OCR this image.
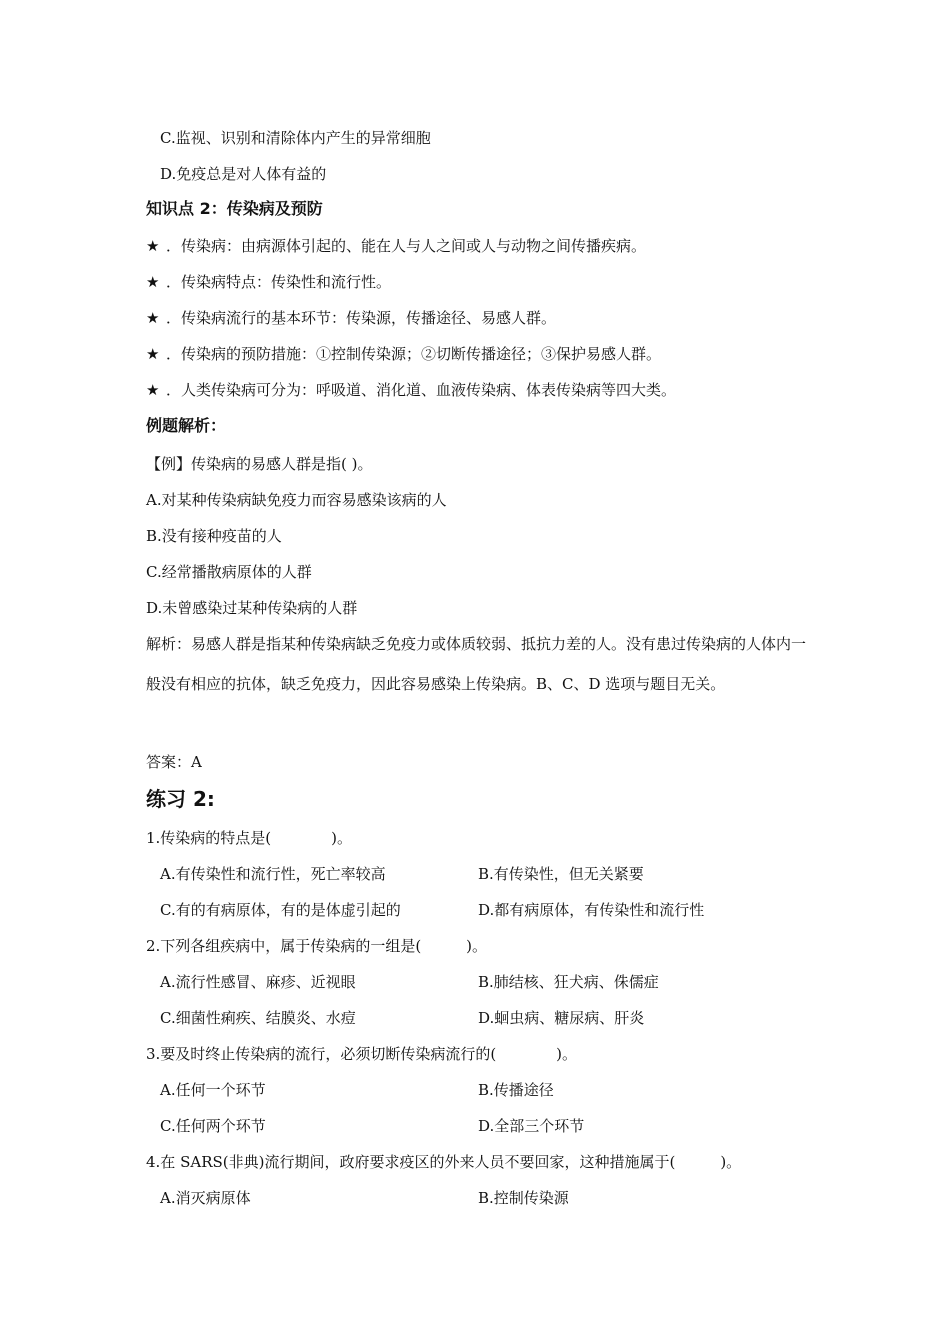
C.监视、识别和清除体内产生的异常细胞
D.免疫总是对人体有益的
知识点 2：传染病及预防
★ ．传染病：由病源体引起的、能在人与人之间或人与动物之间传播疾病。
★ ．传染病特点：传染性和流行性。
★ ．传染病流行的基本环节：传染源，传播途径、易感人群。
★ ．传染病的预防措施：①控制传染源；②切断传播途径；③保护易感人群。
★ ．人类传染病可分为：呼吸道、消化道、血液传染病、体表传染病等四大类。
例题解析：
【例】传染病的易感人群是指( )。
A.对某种传染病缺免疫力而容易感染该病的人
B.没有接种疫苗的人
C.经常播散病原体的人群
D.未曾感染过某种传染病的人群
解析：易感人群是指某种传染病缺乏免疫力或体质较弱、抵抗力差的人。没有患过传染病的人体内一般没有相应的抗体，缺乏免疫力，因此容易感染上传染病。B、C、D 选项与题目无关。
答案：A
练习 2:
1.传染病的特点是(　　　　)。
A.有传染性和流行性，死亡率较高	B.有传染性，但无关紧要
C.有的有病原体，有的是体虚引起的	D.都有病原体，有传染性和流行性
2.下列各组疾病中，属于传染病的一组是(　　　)。
A.流行性感冒、麻疹、近视眼	B.肺结核、狂犬病、侏儒症
C.细菌性痢疾、结膜炎、水痘	D.蛔虫病、糖尿病、肝炎
3.要及时终止传染病的流行，必须切断传染病流行的(　　　　)。
A.任何一个环节	B.传播途径
C.任何两个环节	D.全部三个环节
4.在 SARS(非典)流行期间，政府要求疫区的外来人员不要回家，这种措施属于(　　　)。
A.消灭病原体	B.控制传染源
